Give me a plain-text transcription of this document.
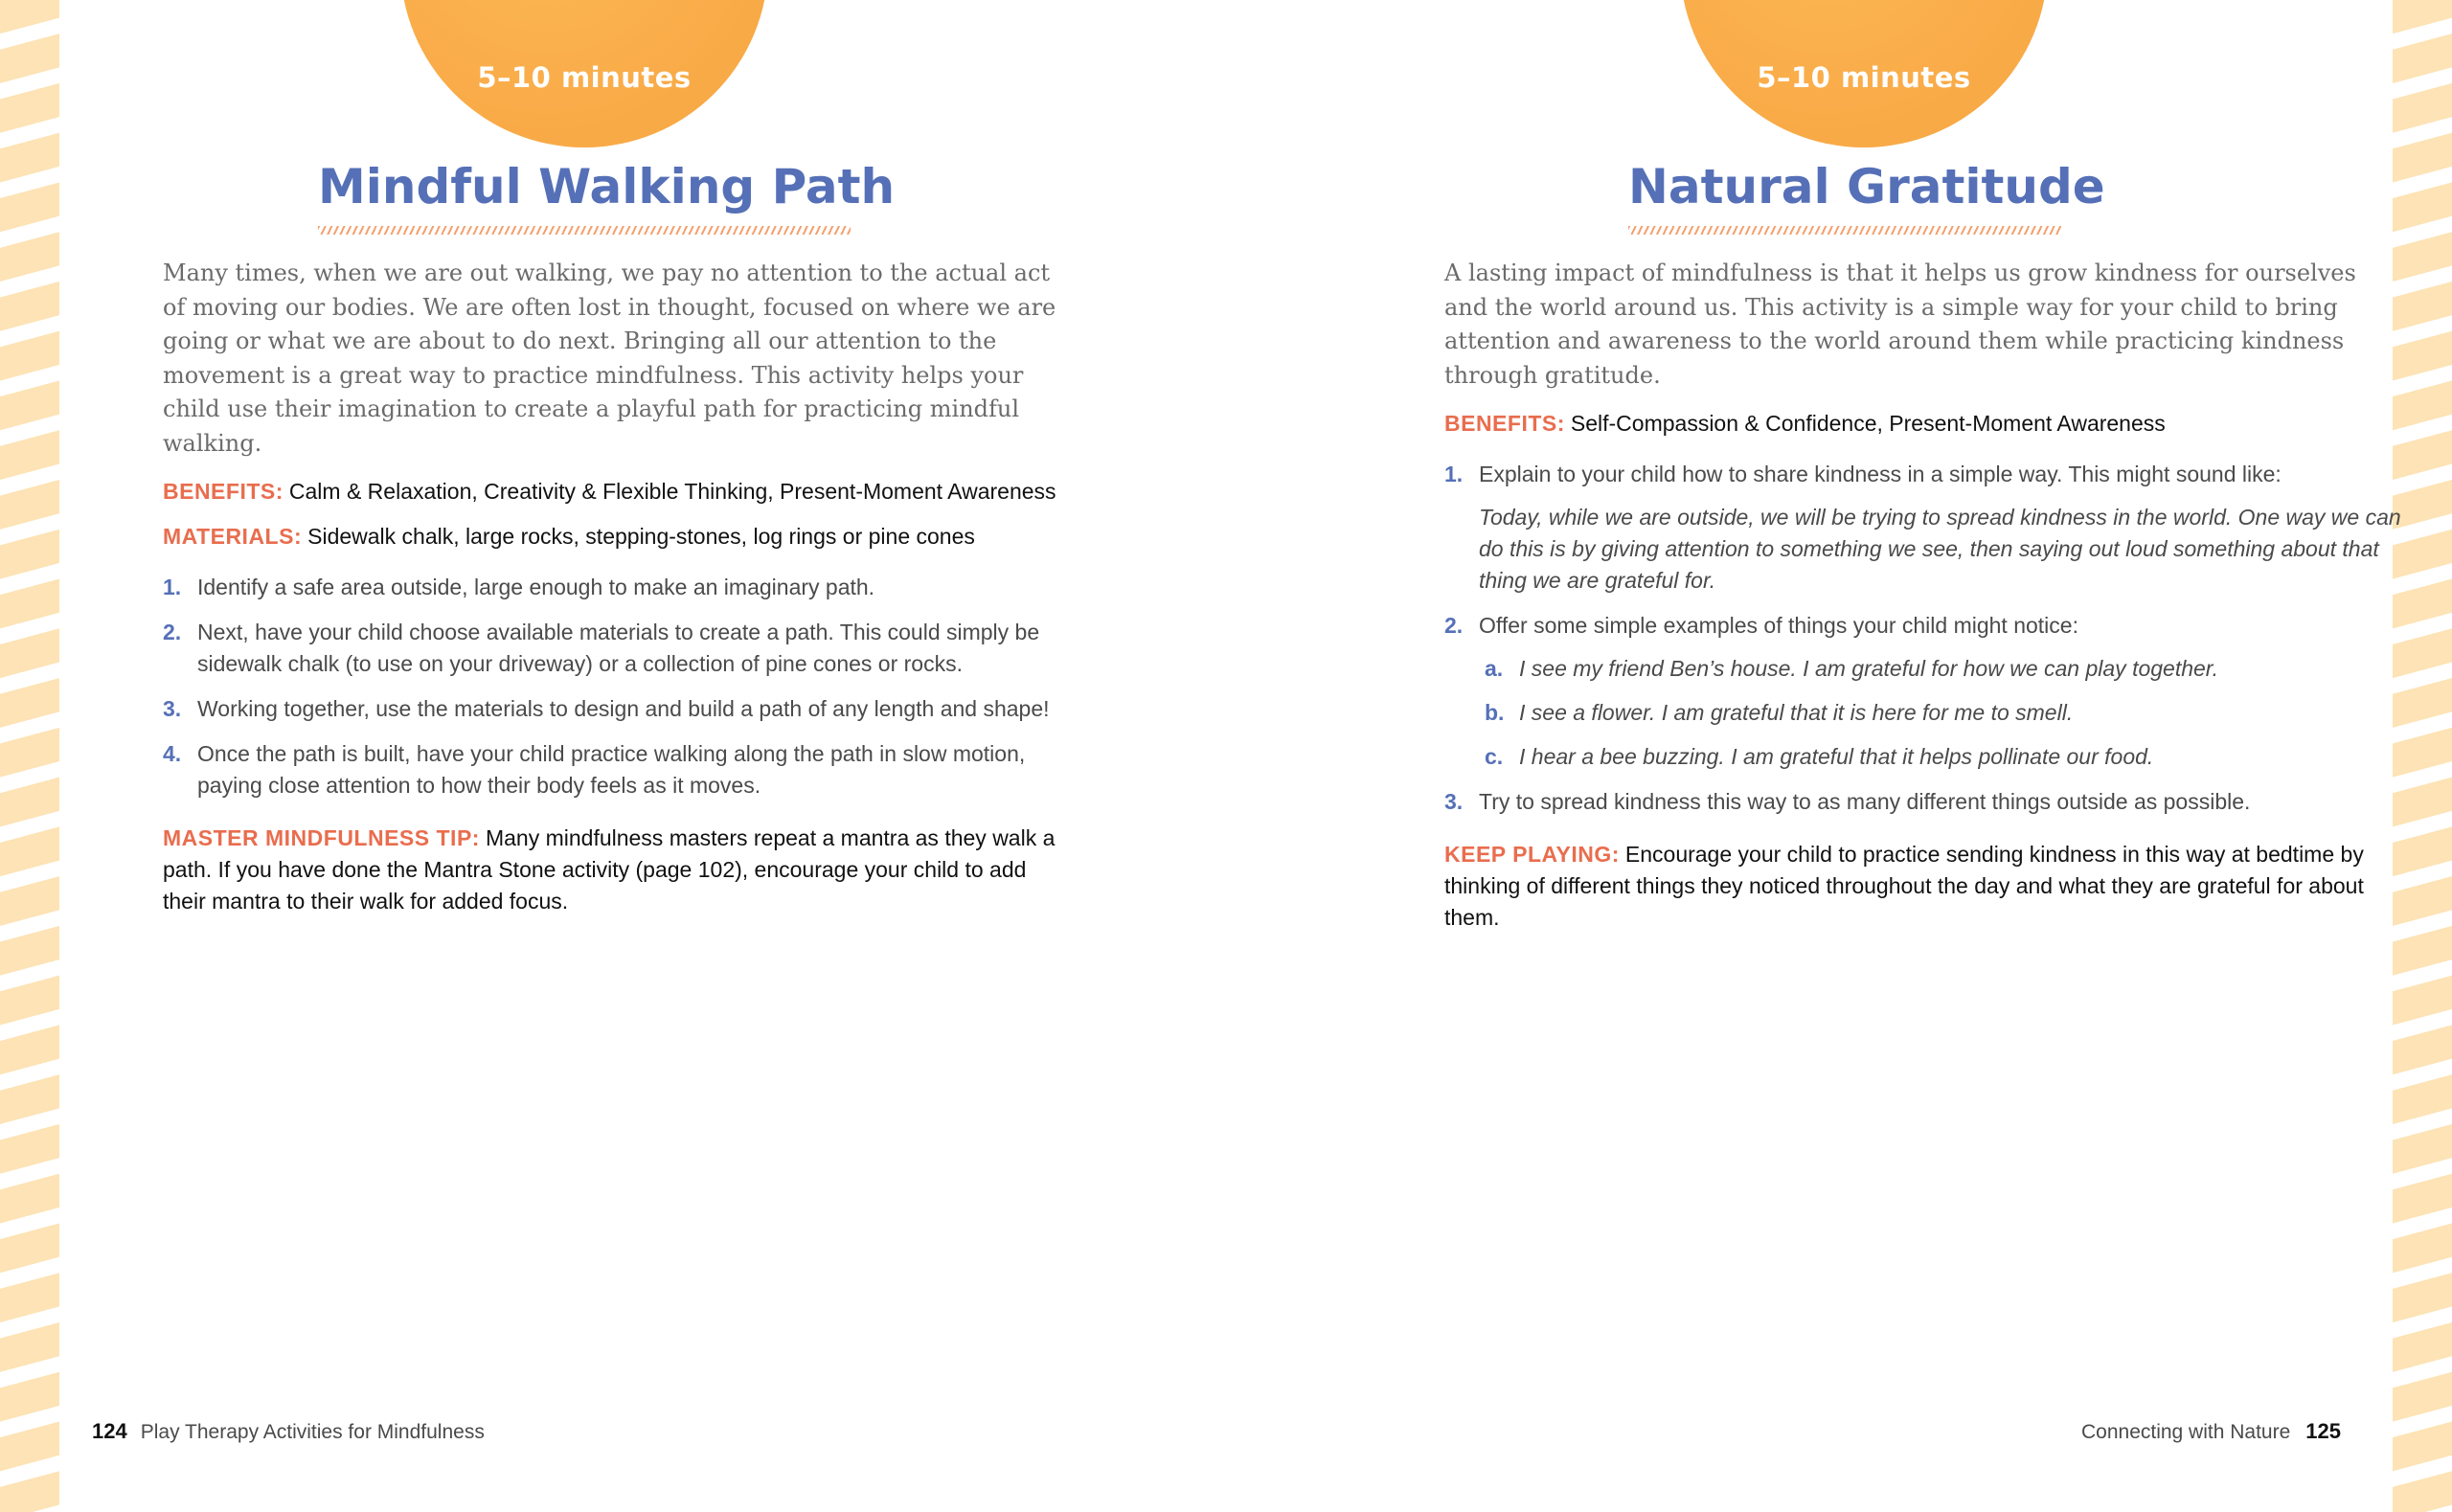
5–10 minutes
Mindful Walking Path

Many times, when we are out walking, we pay no attention to the actual act of moving our bodies. We are often lost in thought, focused on where we are going or what we are about to do next. Bringing all our attention to the movement is a great way to practice mindfulness. This activity helps your child use their imagination to create a playful path for practicing mindful walking.

BENEFITS: Calm & Relaxation, Creativity & Flexible Thinking, Present-Moment Awareness

MATERIALS: Sidewalk chalk, large rocks, stepping-stones, log rings or pine cones

1. Identify a safe area outside, large enough to make an imaginary path.
2. Next, have your child choose available materials to create a path. This could simply be sidewalk chalk (to use on your driveway) or a collection of pine cones or rocks.
3. Working together, use the materials to design and build a path of any length and shape!
4. Once the path is built, have your child practice walking along the path in slow motion, paying close attention to how their body feels as it moves.

MASTER MINDFULNESS TIP: Many mindfulness masters repeat a mantra as they walk a path. If you have done the Mantra Stone activity (page 102), encourage your child to add their mantra to their walk for added focus.

124 Play Therapy Activities for Mindfulness
5–10 minutes
Natural Gratitude

A lasting impact of mindfulness is that it helps us grow kindness for ourselves and the world around us. This activity is a simple way for your child to bring attention and awareness to the world around them while practicing kindness through gratitude.

BENEFITS: Self-Compassion & Confidence, Present-Moment Awareness

1. Explain to your child how to share kindness in a simple way. This might sound like:
Today, while we are outside, we will be trying to spread kindness in the world. One way we can do this is by giving attention to something we see, then saying out loud something about that thing we are grateful for.
2. Offer some simple examples of things your child might notice:
a. I see my friend Ben’s house. I am grateful for how we can play together.
b. I see a flower. I am grateful that it is here for me to smell.
c. I hear a bee buzzing. I am grateful that it helps pollinate our food.
3. Try to spread kindness this way to as many different things outside as possible.

KEEP PLAYING: Encourage your child to practice sending kindness in this way at bedtime by thinking of different things they noticed throughout the day and what they are grateful for about them.

Connecting with Nature 125
